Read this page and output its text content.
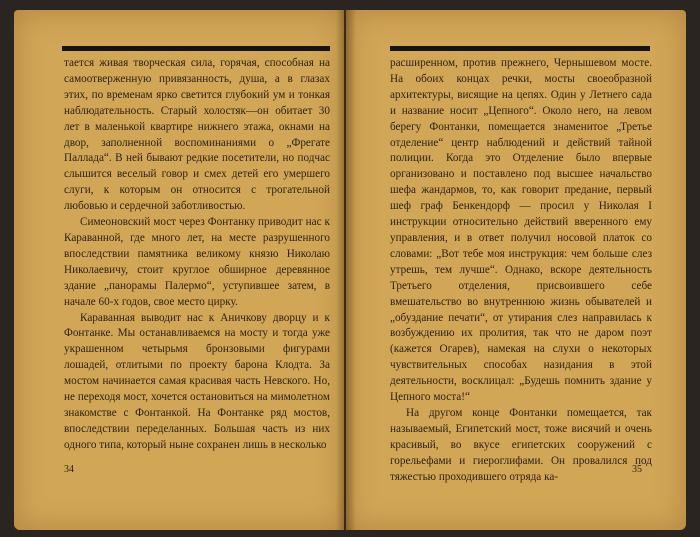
тается живая творческая сила, горячая, способная на самоотверженную привязанность, душа, а в глазах этих, по временам ярко светится глубокий ум и тонкая наблюдательность. Старый холостяк—он обитает 30 лет в маленькой квартире нижнего этажа, окнами на двор, заполненной воспоминаниями о „Фрегате Паллада“. В ней бывают редкие посетители, но подчас слышится веселый говор и смех детей его умершего слуги, к которым он относится с трогательной любовью и сердечной заботливостью.

Симеоновский мост через Фонтанку приводит нас к Караванной, где много лет, на месте разрушенного впоследствии памятника великому князю Николаю Николаевичу, стоит круглое обширное деревянное здание „панорамы Палермо“, уступившее затем, в начале 60-х годов, свое место цирку.

Караванная выводит нас к Аничкову дворцу и к Фонтанке. Мы останавливаемся на мосту и тогда уже украшенном четырьмя бронзовыми фигурами лошадей, отлитыми по проекту барона Клодта. За мостом начинается самая красивая часть Невского. Но, не переходя мост, хочется остановиться на мимолетном знакомстве с Фонтанкой. На Фонтанке ряд мостов, впоследствии переделанных. Большая часть из них одного типа, который ныне сохранен лишь в несколько

34

расширенном, против прежнего, Чернышевом мосте. На обоих концах речки, мосты своеобразной архитектуры, висящие на цепях. Один у Летнего сада и название носит „Цепного“. Около него, на левом берегу Фонтанки, помещается знаменитое „Третье отделение“ центр наблюдений и действий тайной полиции. Когда это Отделение было впервые организовано и поставлено под высшее начальство шефа жандармов, то, как говорит предание, первый шеф граф Бенкендорф — просил у Николая I инструкции относительно действий вверенного ему управления, и в ответ получил носовой платок со словами: „Вот тебе моя инструкция: чем больше слез утрешь, тем лучше“. Однако, вскоре деятельность Третьего отделения, присвоившего себе вмешательство во внутреннюю жизнь обывателей и „обуздание печати“, от утирания слез направилась к возбуждению их пролития, так что не даром поэт (кажется Огарев), намекая на слухи о некоторых чувствительных способах назидания в этой деятельности, восклицал: „Будешь помнить здание у Цепного моста!“

На другом конце Фонтанки помещается, так называемый, Египетский мост, тоже висячий и очень красивый, во вкусе египетских сооружений с горельефами и гиероглифами. Он провалился под тяжестью проходившего отряда ка-

35
